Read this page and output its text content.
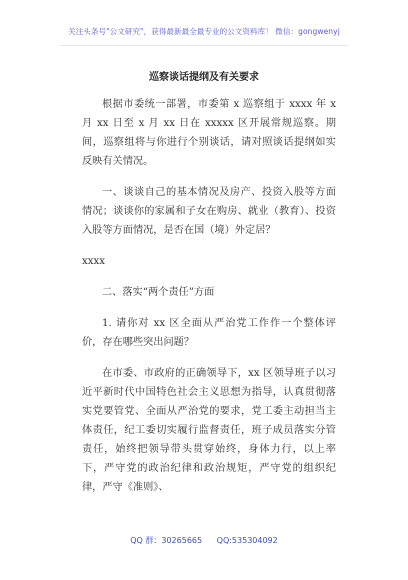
关注头条号"公文研究"，获得最新最全最专业的公文资料库！ 微信：gongwenyj
巡察谈话提纲及有关要求

根据市委统一部署，市委第 x 巡察组于 xxxx 年 x 月 xx 日至 x 月 xx 日在 xxxxx 区开展常规巡察。期间，巡察组将与你进行个别谈话，请对照谈话提纲如实反映有关情况。

一、谈谈自己的基本情况及房产、投资入股等方面情况；谈谈你的家属和子女在购房、就业（教育）、投资入股等方面情况，是否在国（境）外定居？

xxxx

二、落实“两个责任”方面

1. 请你对 xx 区全面从严治党工作作一个整体评价，存在哪些突出问题？

在市委、市政府的正确领导下，xx 区领导班子以习近平新时代中国特色社会主义思想为指导，认真贯彻落实党要管党、全面从严治党的要求，党工委主动担当主体责任，纪工委切实履行监督责任，班子成员落实分管责任，始终把领导带头贯穿始终，身体力行，以上率下，严守党的政治纪律和政治规矩，严守党的组织纪律，严守《准则》、

QQ 群：30265665 QQ:535304092
